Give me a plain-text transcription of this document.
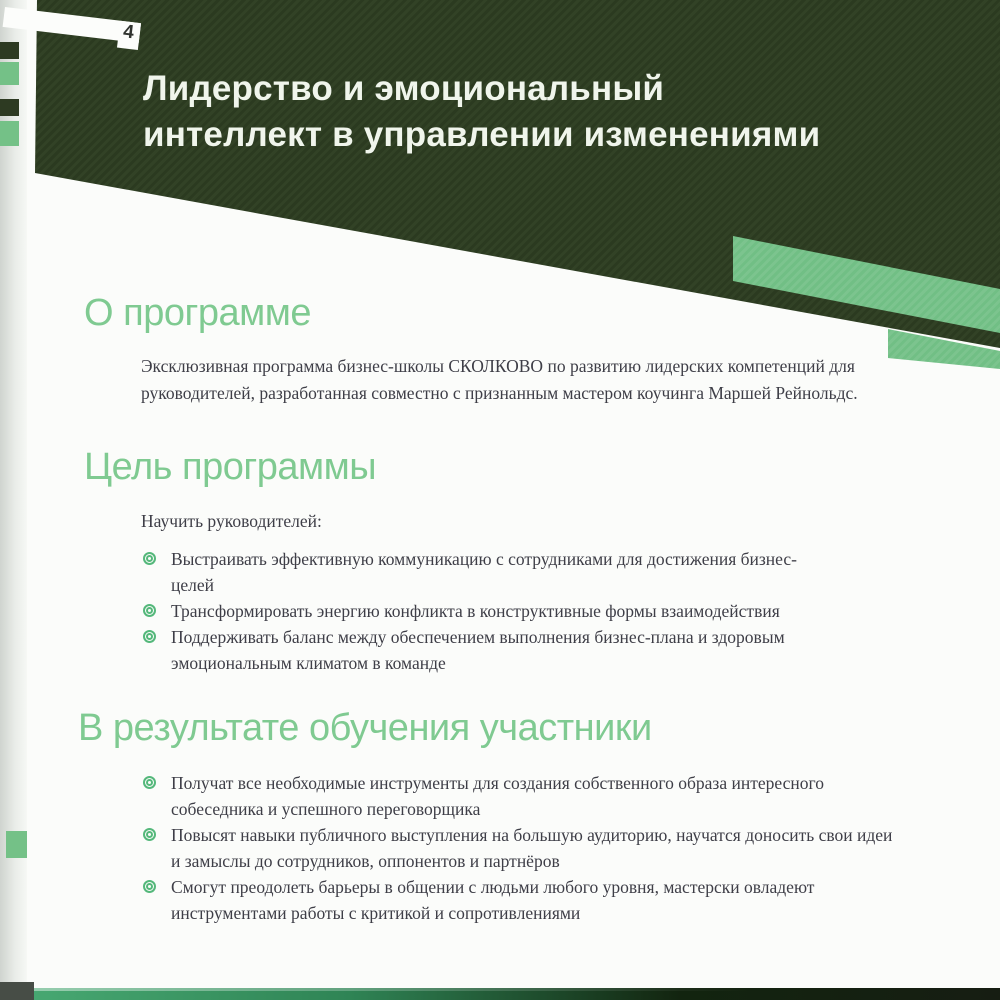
4
Лидерство и эмоциональный
интеллект в управлении изменениями
О программе
Эксклюзивная программа бизнес-школы СКОЛКОВО по развитию лидерских компетенций для руководителей, разработанная совместно с признанным мастером коучинга Маршей Рейнольдс.
Цель программы
Научить руководителей:
Выстраивать эффективную коммуникацию с сотрудниками для достижения бизнес-целей
Трансформировать энергию конфликта в конструктивные формы взаимодействия
Поддерживать баланс между обеспечением выполнения бизнес-плана и здоровым эмоциональным климатом в команде
В результате обучения участники
Получат все необходимые инструменты для создания собственного образа интересного собеседника и успешного переговорщика
Повысят навыки публичного выступления на большую аудиторию, научатся доносить свои идеи и замыслы до сотрудников, оппонентов и партнёров
Смогут преодолеть барьеры в общении с людьми любого уровня, мастерски овладеют инструментами работы с критикой и сопротивлениями
